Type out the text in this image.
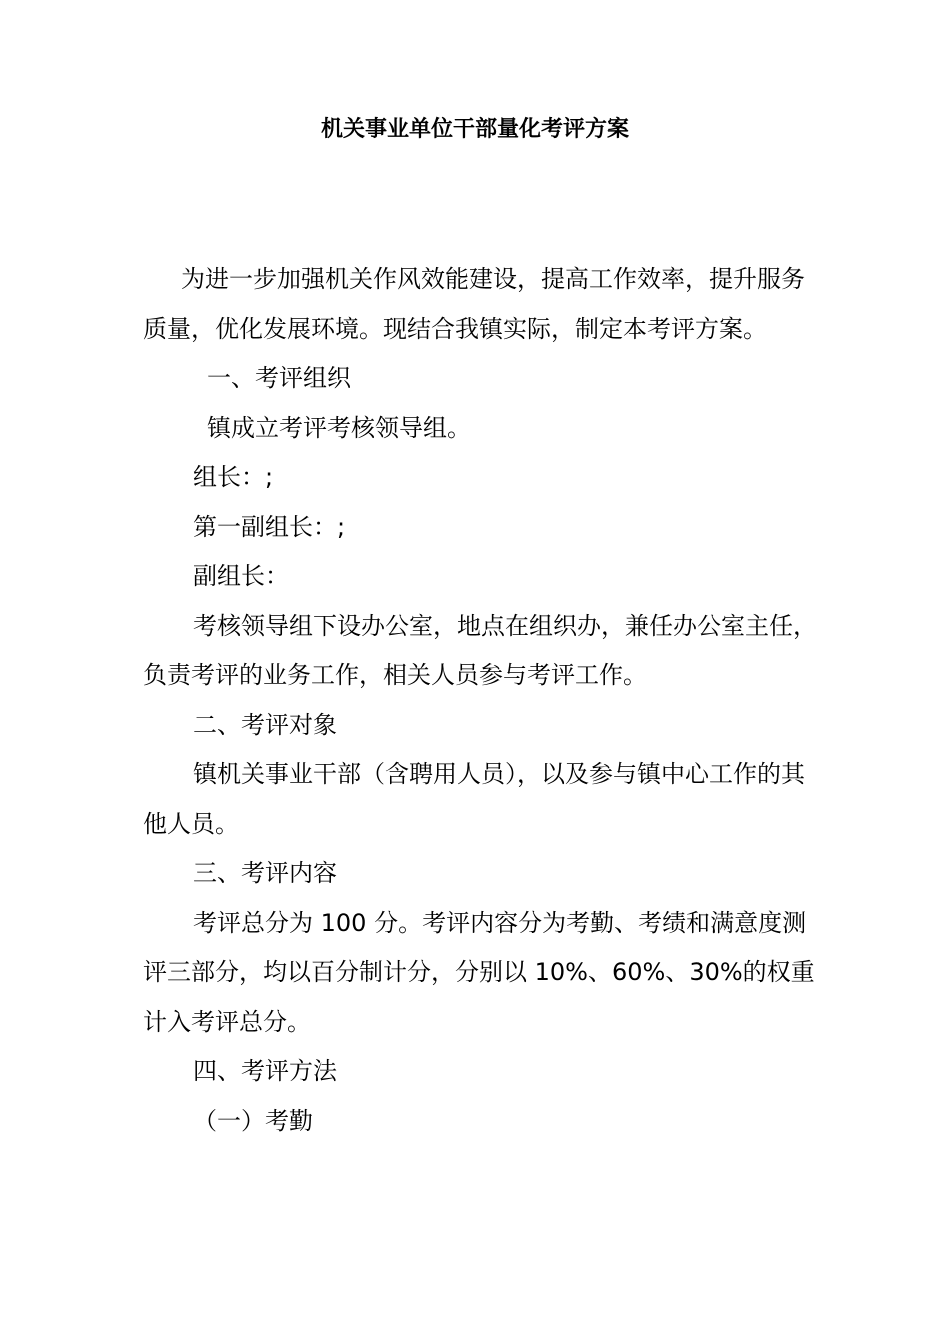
机关事业单位干部量化考评方案

为进一步加强机关作风效能建设，提高工作效率，提升服务质量，优化发展环境。现结合我镇实际，制定本考评方案。

一、考评组织

镇成立考评考核领导组。

组长：;

第一副组长：;

副组长：

考核领导组下设办公室，地点在组织办，兼任办公室主任，负责考评的业务工作，相关人员参与考评工作。

二、考评对象

镇机关事业干部（含聘用人员），以及参与镇中心工作的其他人员。

三、考评内容

考评总分为 100 分。考评内容分为考勤、考绩和满意度测评三部分，均以百分制计分，分别以 10%、60%、30%的权重计入考评总分。

四、考评方法

（一）考勤
